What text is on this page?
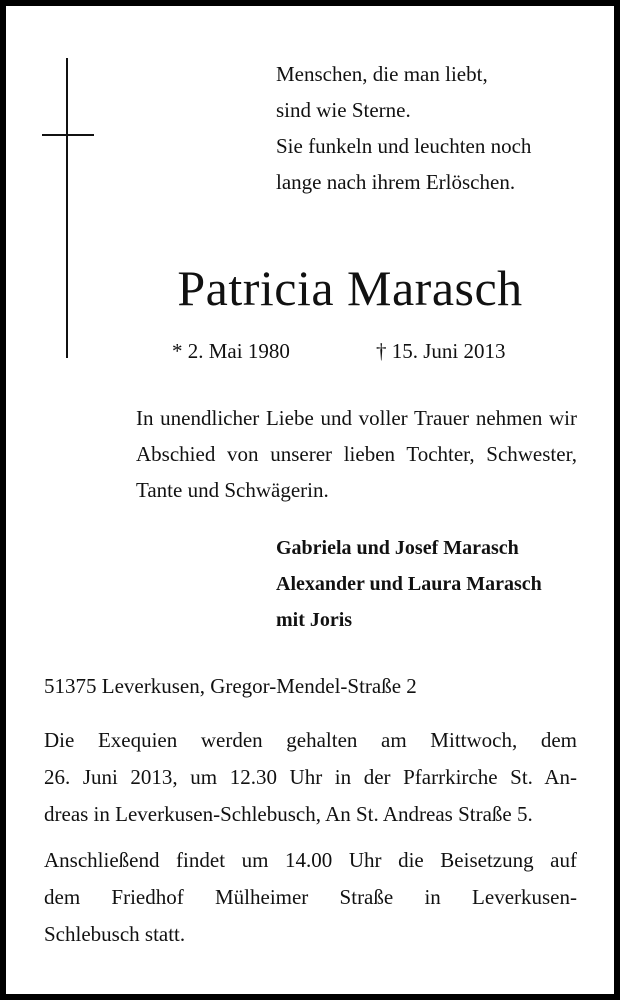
Menschen, die man liebt,
sind wie Sterne.
Sie funkeln und leuchten noch
lange nach ihrem Erlöschen.
Patricia Marasch
* 2. Mai 1980	† 15. Juni 2013
In unendlicher Liebe und voller Trauer nehmen wir Abschied von unserer lieben Tochter, Schwester, Tante und Schwägerin.
Gabriela und Josef Marasch
Alexander und Laura Marasch
mit Joris
51375 Leverkusen, Gregor-Mendel-Straße 2
Die Exequien werden gehalten am Mittwoch, dem
26. Juni 2013, um 12.30 Uhr in der Pfarrkirche St. An-
dreas in Leverkusen-Schlebusch, An St. Andreas Straße 5.
Anschließend findet um 14.00 Uhr die Beisetzung auf
dem Friedhof Mülheimer Straße in Leverkusen-
Schlebusch statt.
